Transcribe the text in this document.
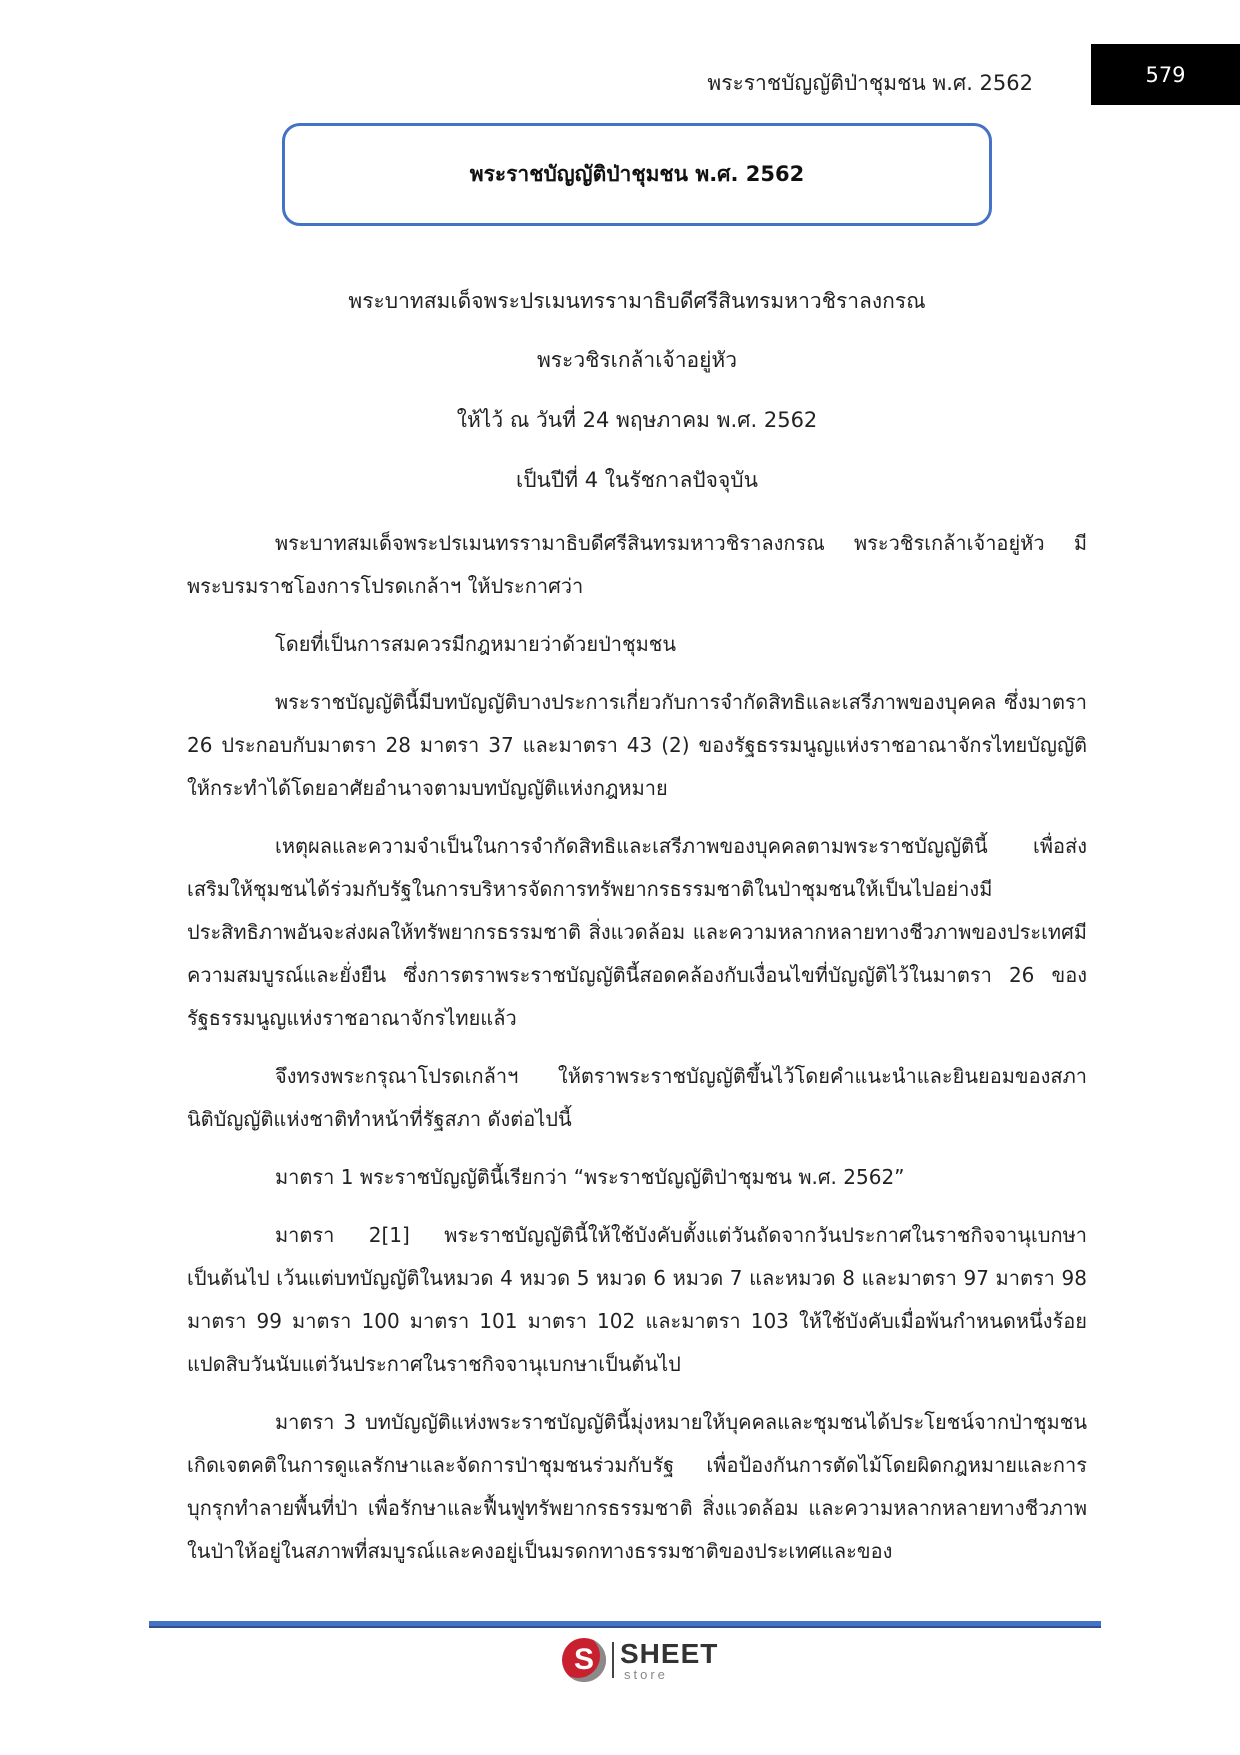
พระราชบัญญัติป่าชุมชน พ.ศ. 2562	579
พระราชบัญญัติป่าชุมชน พ.ศ. 2562
พระบาทสมเด็จพระปรเมนทรรามาธิบดีศรีสินทรมหาวชิราลงกรณ
พระวชิรเกล้าเจ้าอยู่หัว
ให้ไว้ ณ วันที่ 24 พฤษภาคม พ.ศ. 2562
เป็นปีที่ 4 ในรัชกาลปัจจุบัน

พระบาทสมเด็จพระปรเมนทรรามาธิบดีศรีสินทรมหาวชิราลงกรณ พระวชิรเกล้าเจ้าอยู่หัว มีพระบรมราชโองการโปรดเกล้าฯ ให้ประกาศว่า

โดยที่เป็นการสมควรมีกฎหมายว่าด้วยป่าชุมชน

พระราชบัญญัตินี้มีบทบัญญัติบางประการเกี่ยวกับการจำกัดสิทธิและเสรีภาพของบุคคล ซึ่งมาตรา 26 ประกอบกับมาตรา 28 มาตรา 37 และมาตรา 43 (2) ของรัฐธรรมนูญแห่งราชอาณาจักรไทยบัญญัติให้กระทำได้โดยอาศัยอำนาจตามบทบัญญัติแห่งกฎหมาย

เหตุผลและความจำเป็นในการจำกัดสิทธิและเสรีภาพของบุคคลตามพระราชบัญญัตินี้ เพื่อส่งเสริมให้ชุมชนได้ร่วมกับรัฐในการบริหารจัดการทรัพยากรธรรมชาติในป่าชุมชนให้เป็นไปอย่างมีประสิทธิภาพอันจะส่งผลให้ทรัพยากรธรรมชาติ สิ่งแวดล้อม และความหลากหลายทางชีวภาพของประเทศมีความสมบูรณ์และยั่งยืน ซึ่งการตราพระราชบัญญัตินี้สอดคล้องกับเงื่อนไขที่บัญญัติไว้ในมาตรา 26 ของรัฐธรรมนูญแห่งราชอาณาจักรไทยแล้ว

จึงทรงพระกรุณาโปรดเกล้าฯ ให้ตราพระราชบัญญัติขึ้นไว้โดยคำแนะนำและยินยอมของสภานิติบัญญัติแห่งชาติทำหน้าที่รัฐสภา ดังต่อไปนี้

มาตรา 1 พระราชบัญญัตินี้เรียกว่า “พระราชบัญญัติป่าชุมชน พ.ศ. 2562”

มาตรา 2[1] พระราชบัญญัตินี้ให้ใช้บังคับตั้งแต่วันถัดจากวันประกาศในราชกิจจานุเบกษาเป็นต้นไป เว้นแต่บทบัญญัติในหมวด 4 หมวด 5 หมวด 6 หมวด 7 และหมวด 8 และมาตรา 97 มาตรา 98 มาตรา 99 มาตรา 100 มาตรา 101 มาตรา 102 และมาตรา 103 ให้ใช้บังคับเมื่อพ้นกำหนดหนึ่งร้อยแปดสิบวันนับแต่วันประกาศในราชกิจจานุเบกษาเป็นต้นไป

มาตรา 3 บทบัญญัติแห่งพระราชบัญญัตินี้มุ่งหมายให้บุคคลและชุมชนได้ประโยชน์จากป่าชุมชน เกิดเจตคติในการดูแลรักษาและจัดการป่าชุมชนร่วมกับรัฐ เพื่อป้องกันการตัดไม้โดยผิดกฎหมายและการบุกรุกทำลายพื้นที่ป่า เพื่อรักษาและฟื้นฟูทรัพยากรธรรมชาติ สิ่งแวดล้อม และความหลากหลายทางชีวภาพในป่าให้อยู่ในสภาพที่สมบูรณ์และคงอยู่เป็นมรดกทางธรรมชาติของประเทศและของ

S SHEET
store
